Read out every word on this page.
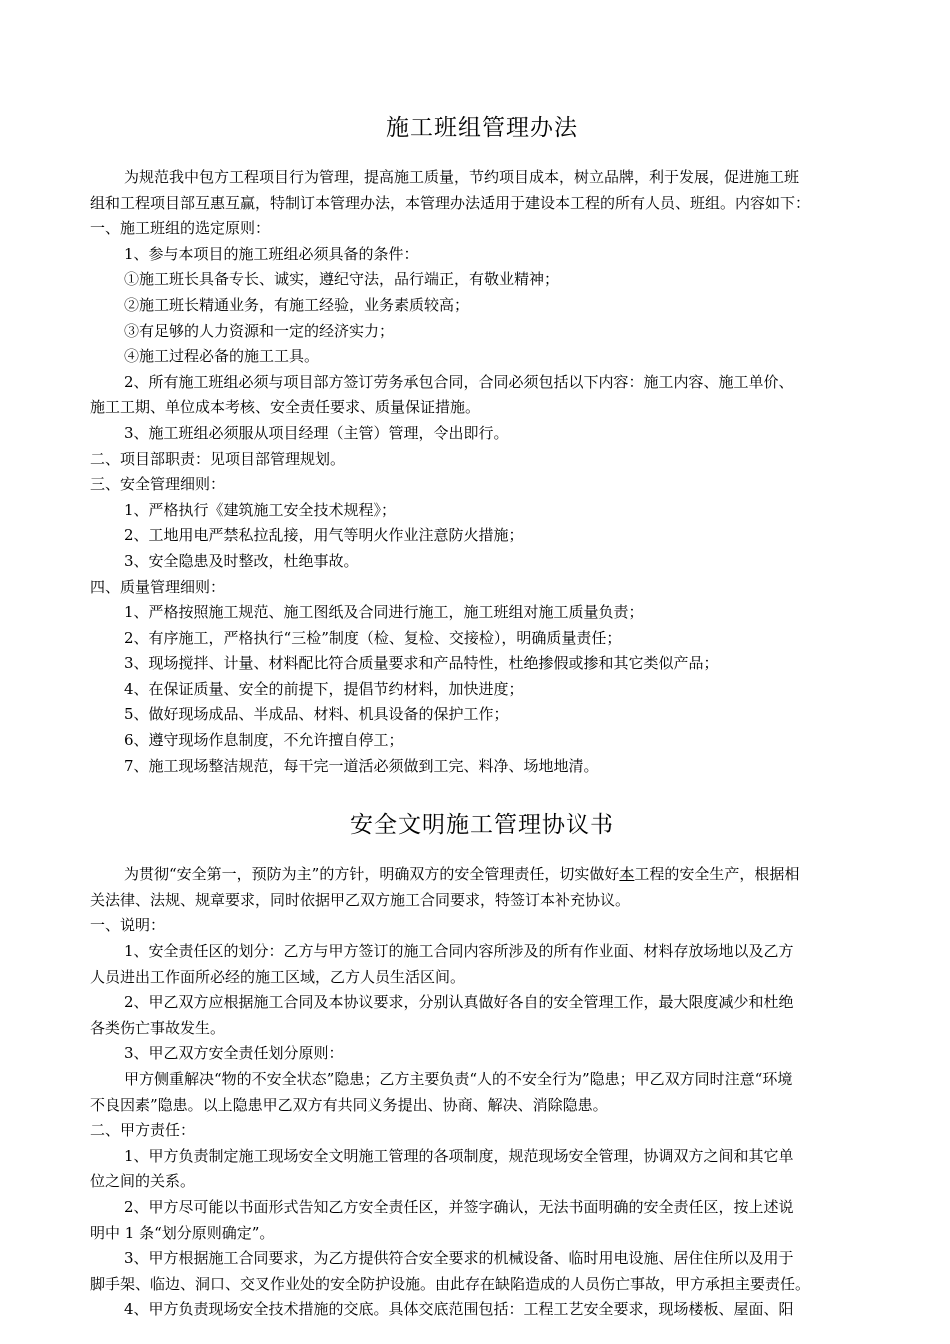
施工班组管理办法

为规范我中包方工程项目行为管理，提高施工质量，节约项目成本，树立品牌，利于发展，促进施工班

组和工程项目部互惠互赢，特制订本管理办法，本管理办法适用于建设本工程的所有人员、班组。内容如下：

一、施工班组的选定原则：

1、参与本项目的施工班组必须具备的条件：

①施工班长具备专长、诚实，遵纪守法，品行端正，有敬业精神；

②施工班长精通业务，有施工经验，业务素质较高；

③有足够的人力资源和一定的经济实力；

④施工过程必备的施工工具。

2、所有施工班组必须与项目部方签订劳务承包合同，合同必须包括以下内容：施工内容、施工单价、

施工工期、单位成本考核、安全责任要求、质量保证措施。

3、施工班组必须服从项目经理（主管）管理，令出即行。

二、项目部职责：见项目部管理规划。

三、安全管理细则：

1、严格执行《建筑施工安全技术规程》；

2、工地用电严禁私拉乱接，用气等明火作业注意防火措施；

3、安全隐患及时整改，杜绝事故。

四、质量管理细则：

1、严格按照施工规范、施工图纸及合同进行施工，施工班组对施工质量负责；

2、有序施工，严格执行“三检”制度（检、复检、交接检），明确质量责任；

3、现场搅拌、计量、材料配比符合质量要求和产品特性，杜绝掺假或掺和其它类似产品；

4、在保证质量、安全的前提下，提倡节约材料，加快进度；

5、做好现场成品、半成品、材料、机具设备的保护工作；

6、遵守现场作息制度，不允许擅自停工；

7、施工现场整洁规范，每干完一道活必须做到工完、料净、场地地清。

安全文明施工管理协议书

为贯彻“安全第一，预防为主”的方针，明确双方的安全管理责任，切实做好本工程的安全生产，根据相

关法律、法规、规章要求，同时依据甲乙双方施工合同要求，特签订本补充协议。

一、说明：

1、安全责任区的划分：乙方与甲方签订的施工合同内容所涉及的所有作业面、材料存放场地以及乙方

人员进出工作面所必经的施工区域，乙方人员生活区间。

2、甲乙双方应根据施工合同及本协议要求，分别认真做好各自的安全管理工作，最大限度减少和杜绝

各类伤亡事故发生。

3、甲乙双方安全责任划分原则：

甲方侧重解决“物的不安全状态”隐患；乙方主要负责“人的不安全行为”隐患；甲乙双方同时注意“环境

不良因素”隐患。以上隐患甲乙双方有共同义务提出、协商、解决、消除隐患。

二、甲方责任：

1、甲方负责制定施工现场安全文明施工管理的各项制度，规范现场安全管理，协调双方之间和其它单

位之间的关系。

2、甲方尽可能以书面形式告知乙方安全责任区，并签字确认，无法书面明确的安全责任区，按上述说

明中 1 条“划分原则确定”。

3、甲方根据施工合同要求，为乙方提供符合安全要求的机械设备、临时用电设施、居住住所以及用于

脚手架、临边、洞口、交叉作业处的安全防护设施。由此存在缺陷造成的人员伤亡事故，甲方承担主要责任。

4、甲方负责现场安全技术措施的交底。具体交底范围包括：工程工艺安全要求，现场楼板、屋面、阳
